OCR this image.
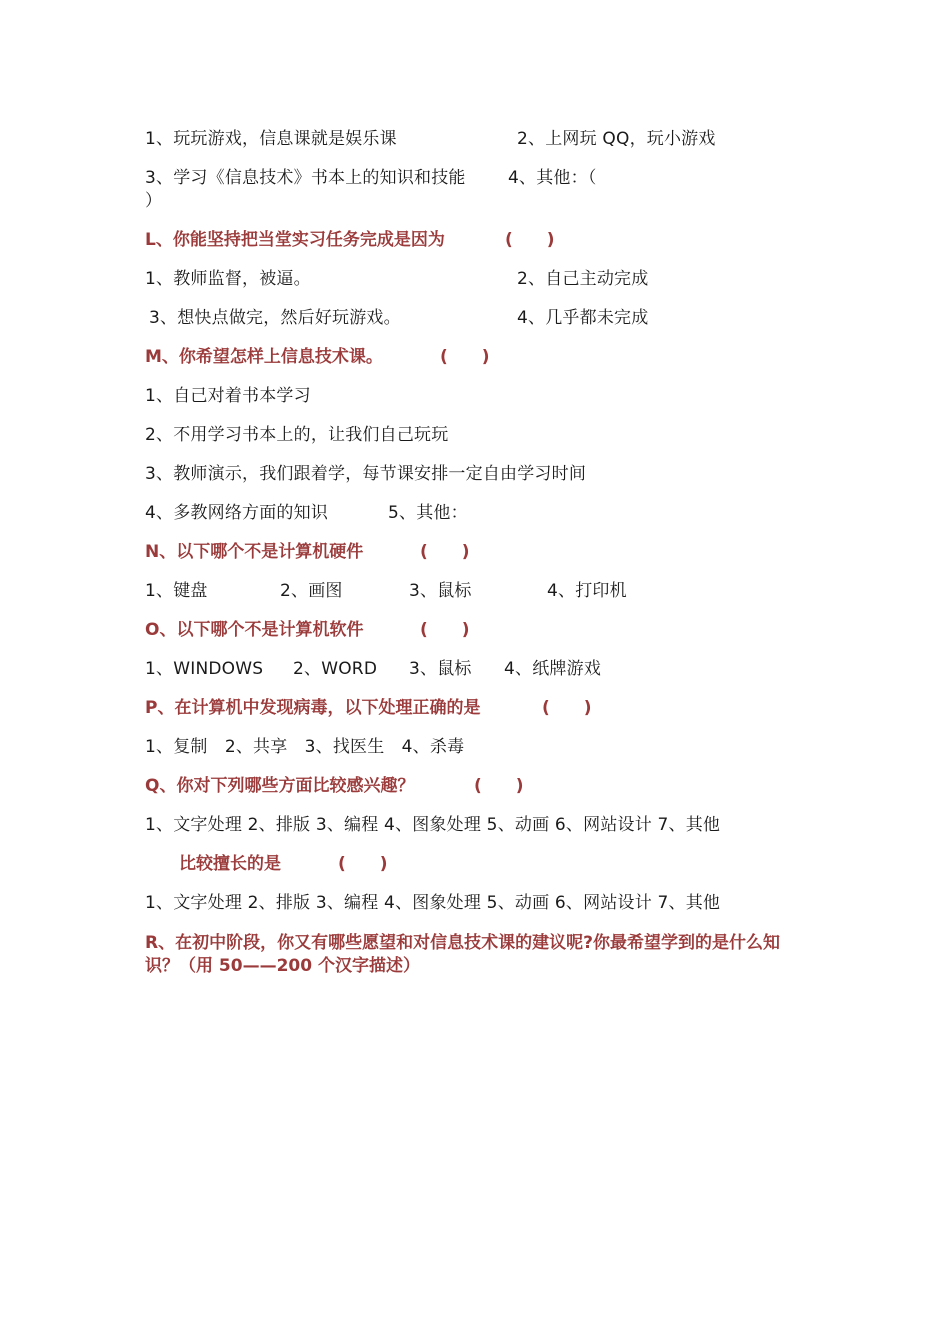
1、玩玩游戏，信息课就是娱乐课	2、上网玩 QQ，玩小游戏
3、学习《信息技术》书本上的知识和技能 4、其他：（
）
L、你能坚持把当堂实习任务完成是因为	(　　)
1、教师监督，被逼。	2、自己主动完成
3、想快点做完，然后好玩游戏。	4、几乎都未完成
M、你希望怎样上信息技术课。	(　　)
1、自己对着书本学习
2、不用学习书本上的，让我们自己玩玩
3、教师演示，我们跟着学，每节课安排一定自由学习时间
4、多教网络方面的知识	5、其他：
N、以下哪个不是计算机硬件	(　　)
1、键盘	2、画图	3、鼠标	4、打印机
O、以下哪个不是计算机软件	(　　)
1、WINDOWS 2、WORD 3、鼠标 4、纸牌游戏
P、在计算机中发现病毒，以下处理正确的是	(　　)
1、复制　2、共享　3、找医生　4、杀毒
Q、你对下列哪些方面比较感兴趣？	(　　)
1、文字处理 2、排版 3、编程 4、图象处理 5、动画 6、网站设计 7、其他
比较擅长的是	(　　)
1、文字处理 2、排版 3、编程 4、图象处理 5、动画 6、网站设计 7、其他
R、在初中阶段，你又有哪些愿望和对信息技术课的建议呢?你最希望学到的是什么知
识？（用 50——200 个汉字描述）
